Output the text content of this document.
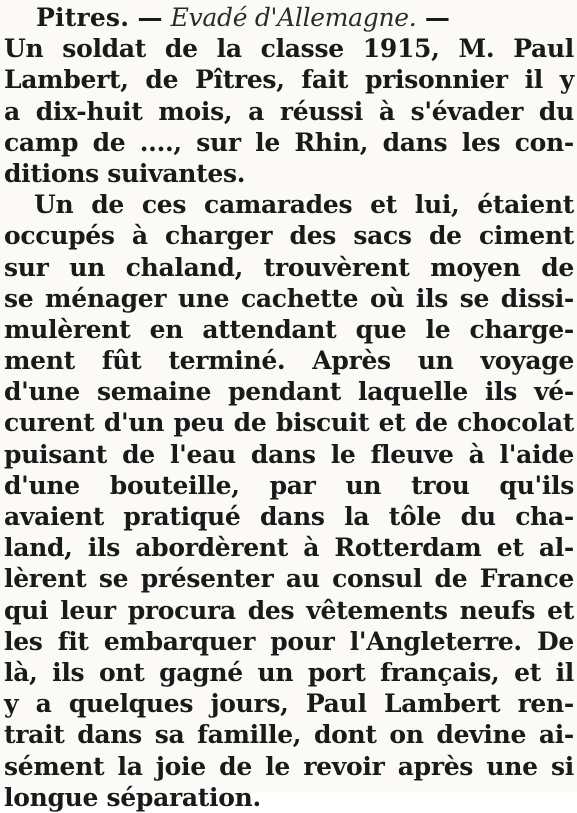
Pitres. — Evadé d'Allemagne. —
Un soldat de la classe 1915, M. Paul
Lambert, de Pîtres, fait prisonnier il y
a dix-huit mois, a réussi à s'évader du
camp de ...., sur le Rhin, dans les con-
ditions suivantes.
Un de ces camarades et lui, étaient
occupés à charger des sacs de ciment
sur un chaland, trouvèrent moyen de
se ménager une cachette où ils se dissi-
mulèrent en attendant que le charge-
ment fût terminé. Après un voyage
d'une semaine pendant laquelle ils vé-
curent d'un peu de biscuit et de chocolat
puisant de l'eau dans le fleuve à l'aide
d'une bouteille, par un trou qu'ils
avaient pratiqué dans la tôle du cha-
land, ils abordèrent à Rotterdam et al-
lèrent se présenter au consul de France
qui leur procura des vêtements neufs et
les fit embarquer pour l'Angleterre. De
là, ils ont gagné un port français, et il
y a quelques jours, Paul Lambert ren-
trait dans sa famille, dont on devine ai-
sément la joie de le revoir après une si
longue séparation.
